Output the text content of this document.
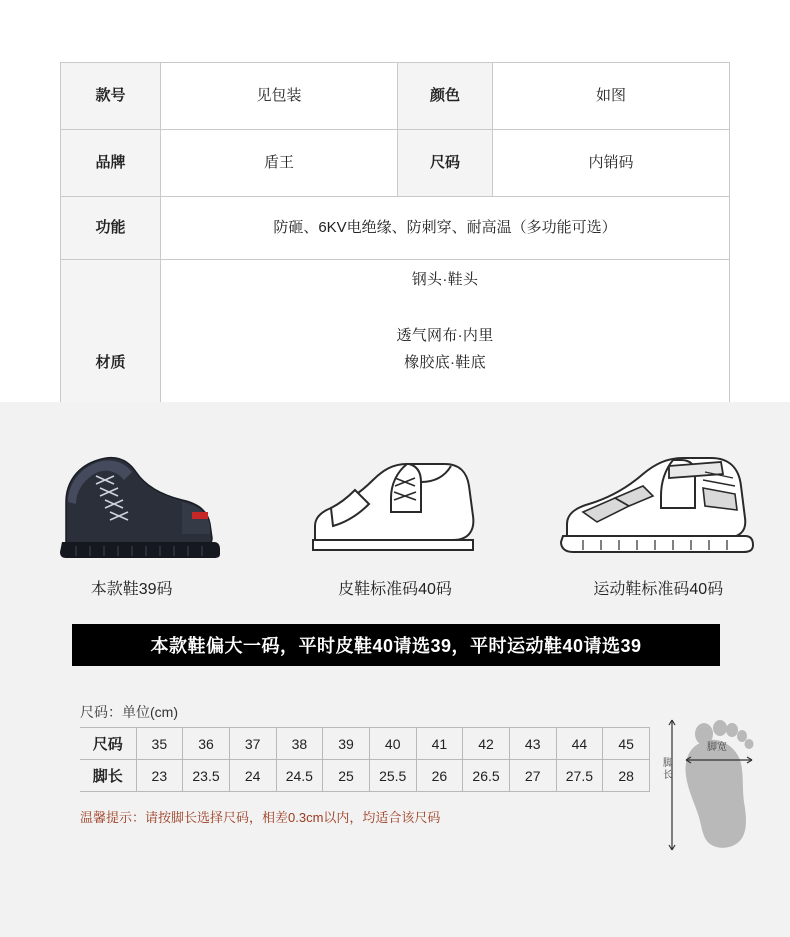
款号	见包装	颜色	如图
品牌	盾王	尺码	内销码
功能	防砸、6KV电绝缘、防刺穿、耐高温（多功能可选）		
材质	钢头·鞋头
透气网布·内里
橡胶底·鞋底		
本款鞋39码	皮鞋标准码40码	运动鞋标准码40码
本款鞋偏大一码，平时皮鞋40请选39，平时运动鞋40请选39
尺码：单位(cm)
尺码	35	36	37	38	39	40	41	42	43	44	45
脚长	23	23.5	24	24.5	25	25.5	26	26.5	27	27.5	28
温馨提示：请按脚长选择尺码，相差0.3cm以内，均适合该尺码
脚宽
脚长
